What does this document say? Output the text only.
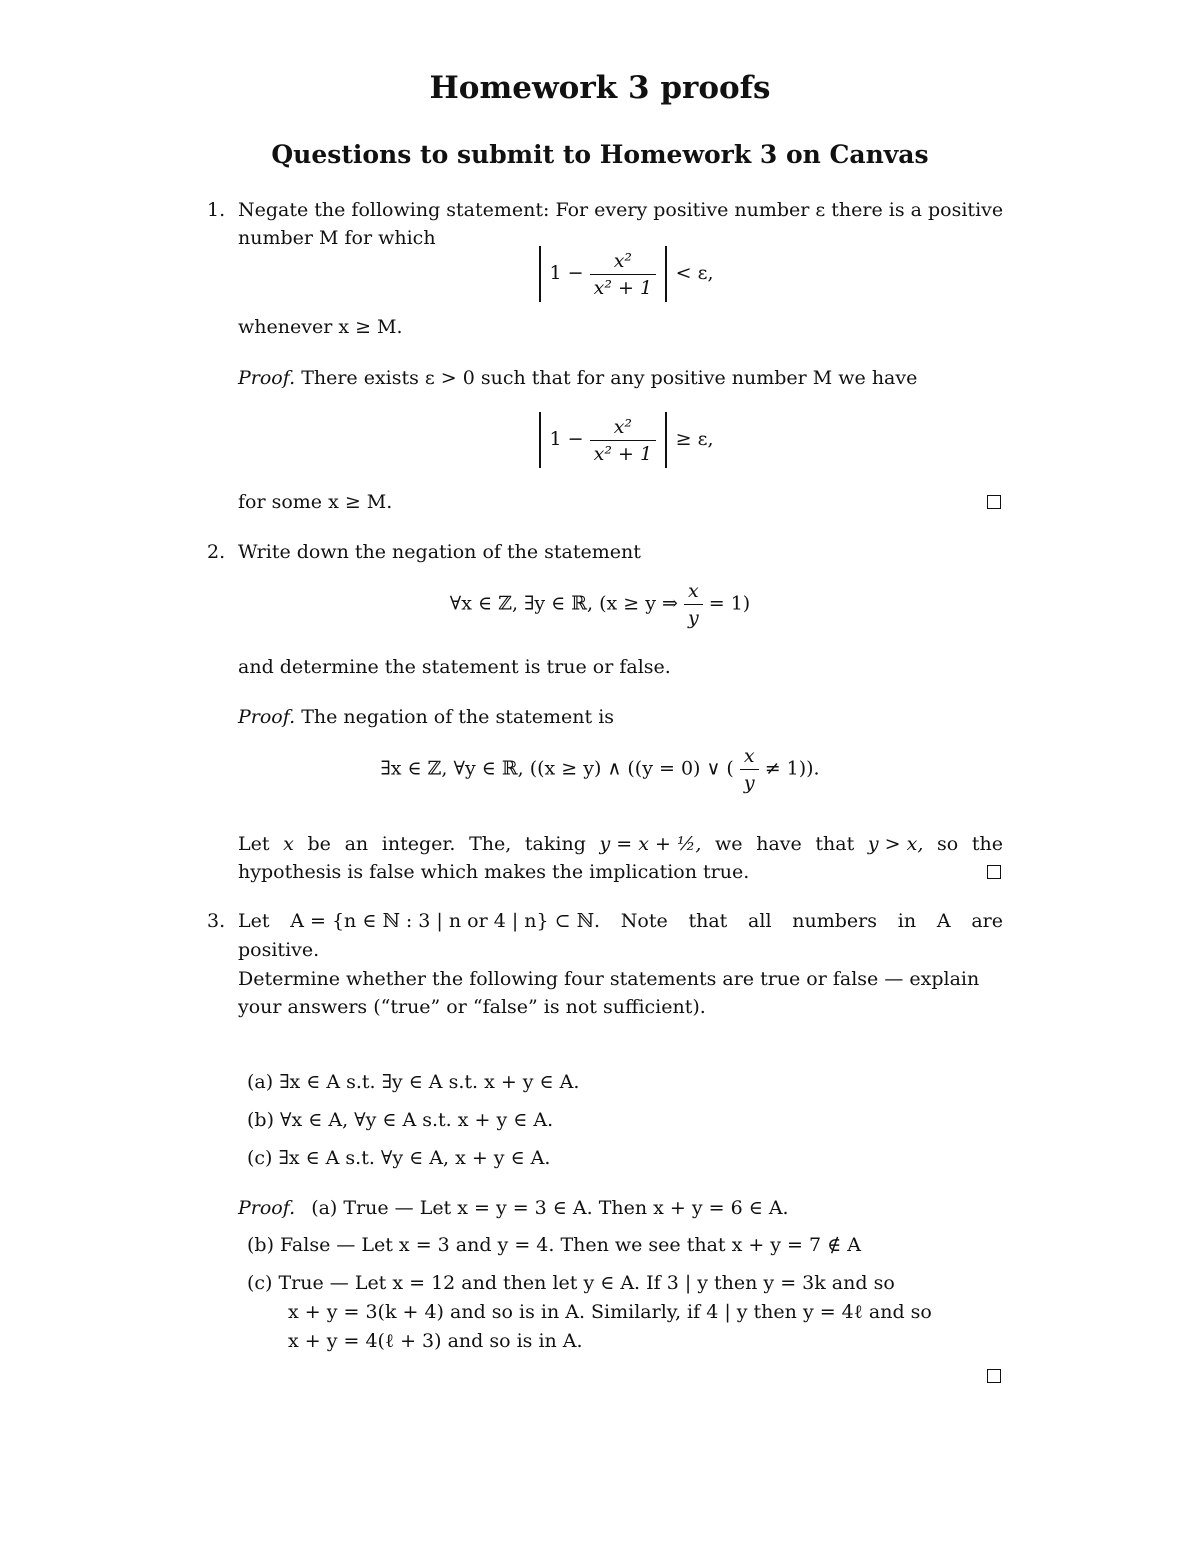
Homework 3 proofs
Questions to submit to Homework 3 on Canvas
1. Negate the following statement: For every positive number ε there is a positive
number M for which
$1 - \frac{\text{x²}}{\text{x² + 1}} < \varepsilon$,
whenever x ≥ M.
Proof. There exists ε > 0 such that for any positive number M we have
$1 - \frac{\text{x²}}{\text{x² + 1}} \ge \varepsilon$,
for some x ≥ M.
2. Write down the negation of the statement
∀x ∈ ℤ, ∃y ∈ ℝ, (x ≥ y ⇒ $\frac{x}{y} = 1$)
and determine the statement is true or false.
Proof. The negation of the statement is
∃x ∈ ℤ, ∀y ∈ ℝ, ((x ≥ y) ∧ ((y = 0) ∨ ( $\frac{x}{y} \ne 1$)).
Let x be an integer. The, taking y = x + ½, we have that y > x, so the
hypothesis is false which makes the implication true.
3. Let A = {n ∈ ℕ : 3 | n or 4 | n} ⊂ ℕ. Note that all numbers in A are
positive.
Determine whether the following four statements are true or false — explain
your answers (“true” or “false” is not sufficient).
(a) ∃x ∈ A s.t. ∃y ∈ A s.t. x + y ∈ A.
(b) ∀x ∈ A, ∀y ∈ A s.t. x + y ∈ A.
(c) ∃x ∈ A s.t. ∀y ∈ A, x + y ∈ A.
Proof. (a) True — Let x = y = 3 ∈ A. Then x + y = 6 ∈ A.
(b) False — Let x = 3 and y = 4. Then we see that x + y = 7 ∉ A
(c) True — Let x = 12 and then let y ∈ A. If 3 | y then y = 3k and so
x + y = 3(k + 4) and so is in A. Similarly, if 4 | y then y = 4ℓ and so
x + y = 4(ℓ + 3) and so is in A.
